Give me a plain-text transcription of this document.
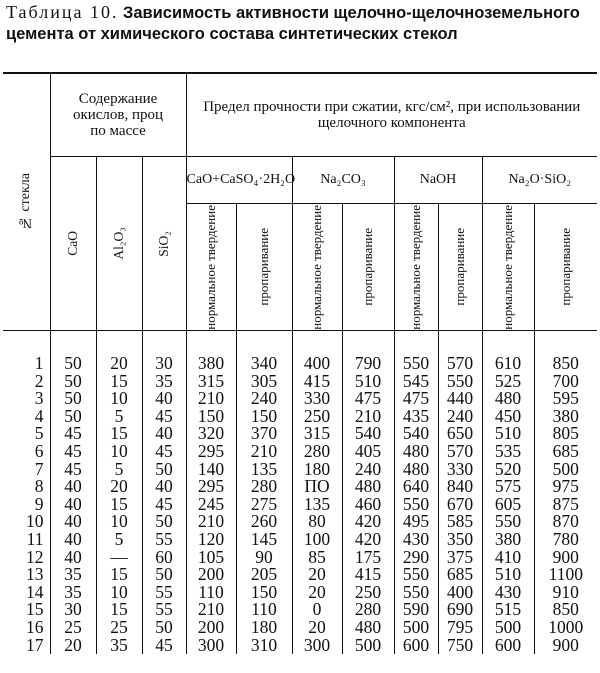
Таблица 10. Зависимость активности щелочно-щелочноземельного цемента от химического состава синтетических стекол
№ стекла	Содержание окислов, проц по массе			Предел прочности при сжатии, кгс/см², при использовании щелочного компонента							

	CaO	Al₂O₃	SiO₂	CaO+CaSO₄·2H₂O		Na₂CO₃		NaOH		Na₂O·SiO₂	

				нормальное твердение	пропаривание	нормальное твердение	пропаривание	нормальное твердение	пропаривание	нормальное твердение	пропаривание

1	50	20	30	380	340	400	790	550	570	610	850
2	50	15	35	315	305	415	510	545	550	525	700
3	50	10	40	210	240	330	475	475	440	480	595
4	50	5	45	150	150	250	210	435	240	450	380
5	45	15	40	320	370	315	540	540	650	510	805
6	45	10	45	295	210	280	405	480	570	535	685
7	45	5	50	140	135	180	240	480	330	520	500
8	40	20	40	295	280	ПО	480	640	840	575	975
9	40	15	45	245	275	135	460	550	670	605	875
10	40	10	50	210	260	80	420	495	585	550	870
11	40	5	55	120	145	100	420	430	350	380	780
12	40	—	60	105	90	85	175	290	375	410	900
13	35	15	50	200	205	20	415	550	685	510	1100
14	35	10	55	110	150	20	250	550	400	430	910
15	30	15	55	210	110	0	280	590	690	515	850
16	25	25	50	200	180	20	480	500	795	500	1000
17	20	35	45	300	310	300	500	600	750	600	900
